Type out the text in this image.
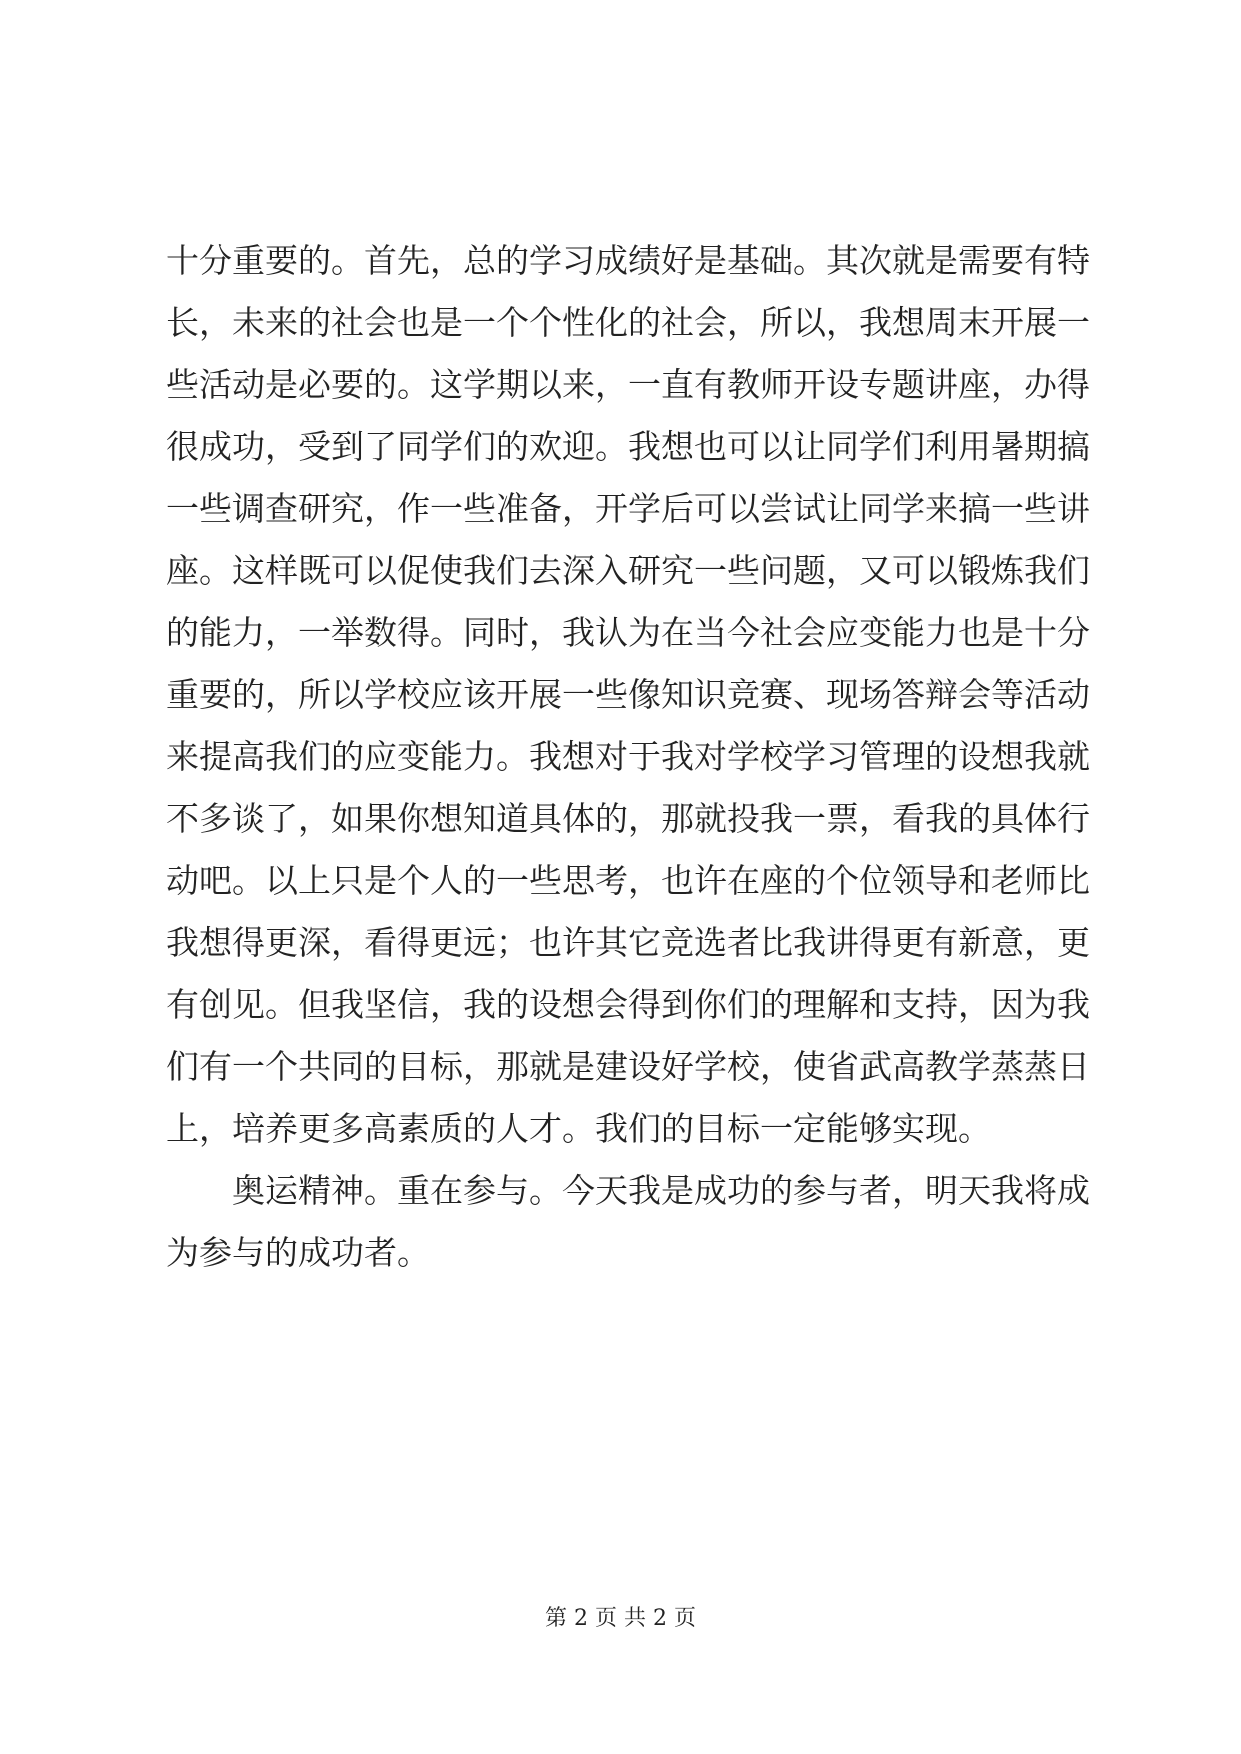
十分重要的。首先，总的学习成绩好是基础。其次就是需要有特
长，未来的社会也是一个个性化的社会，所以，我想周末开展一
些活动是必要的。这学期以来，一直有教师开设专题讲座，办得
很成功，受到了同学们的欢迎。我想也可以让同学们利用暑期搞
一些调查研究，作一些准备，开学后可以尝试让同学来搞一些讲
座。这样既可以促使我们去深入研究一些问题，又可以锻炼我们
的能力，一举数得。同时，我认为在当今社会应变能力也是十分
重要的，所以学校应该开展一些像知识竞赛、现场答辩会等活动
来提高我们的应变能力。我想对于我对学校学习管理的设想我就
不多谈了，如果你想知道具体的，那就投我一票，看我的具体行
动吧。以上只是个人的一些思考，也许在座的个位领导和老师比
我想得更深，看得更远；也许其它竞选者比我讲得更有新意，更
有创见。但我坚信，我的设想会得到你们的理解和支持，因为我
们有一个共同的目标，那就是建设好学校，使省武高教学蒸蒸日
上，培养更多高素质的人才。我们的目标一定能够实现。
奥运精神。重在参与。今天我是成功的参与者，明天我将成
为参与的成功者。
第 2 页 共 2 页
